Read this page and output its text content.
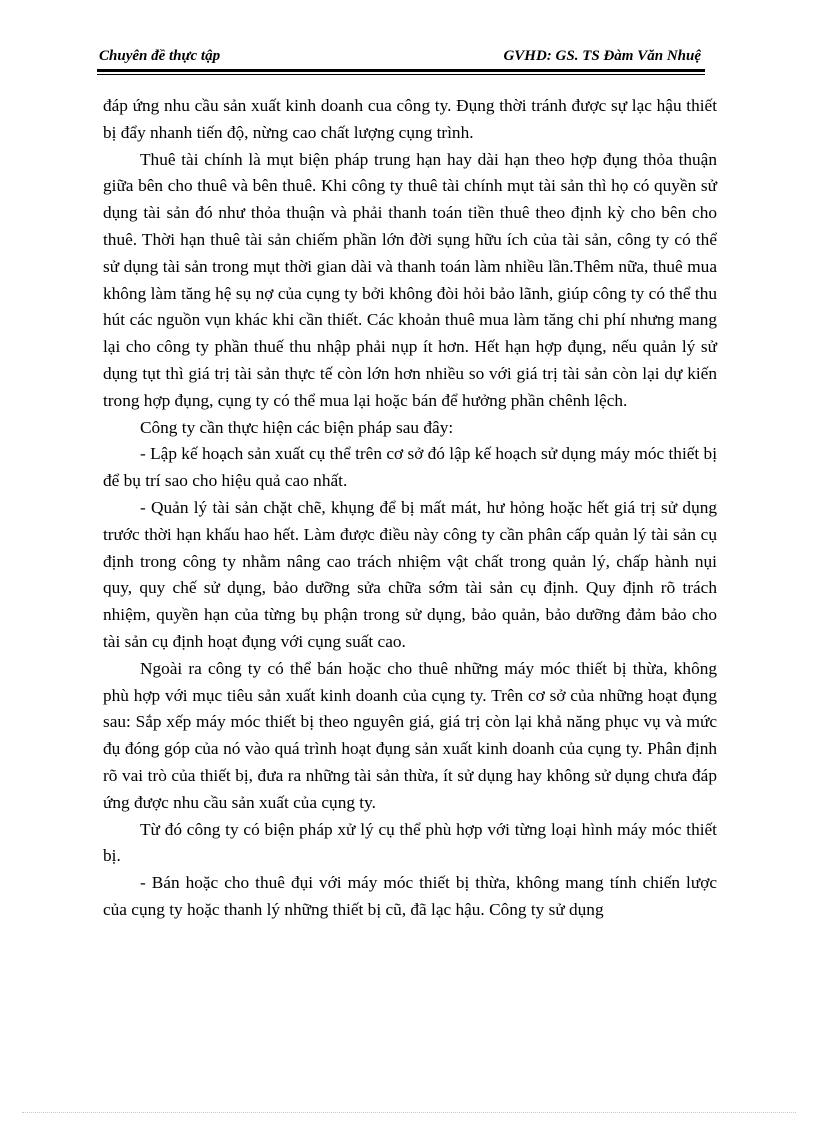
Chuyên đề thực tập	GVHD: GS. TS Đàm Văn Nhuệ

đáp ứng nhu cầu sản xuất kinh doanh cua công ty. Đụng thời tránh được sự lạc hậu thiết bị đẩy nhanh tiến độ, nừng cao chất lượng cụng trình.

Thuê tài chính là mụt biện pháp trung hạn hay dài hạn theo hợp đụng thỏa thuận giữa bên cho thuê và bên thuê. Khi công ty thuê tài chính mụt tài sản thì họ có quyền sử dụng tài sản đó như thỏa thuận và phải thanh toán tiền thuê theo định kỳ cho bên cho thuê. Thời hạn thuê tài sản chiếm phần lớn đời sụng hữu ích của tài sản, công ty có thể sử dụng tài sản trong mụt thời gian dài và thanh toán làm nhiều lần.Thêm nữa, thuê mua không làm tăng hệ sụ nợ của cụng ty bởi không đòi hỏi bảo lãnh, giúp công ty có thể thu hút các nguồn vụn khác khi cần thiết. Các khoản thuê mua làm tăng chi phí nhưng mang lại cho công ty phần thuế thu nhập phải nụp ít hơn. Hết hạn hợp đụng, nếu quản lý sử dụng tụt thì giá trị tài sản thực tế còn lớn hơn nhiều so với giá trị tài sản còn lại dự kiến trong hợp đụng, cụng ty có thể mua lại hoặc bán để hưởng phần chênh lệch.

Công ty cần thực hiện các biện pháp sau đây:

- Lập kế hoạch sản xuất cụ thể trên cơ sở đó lập kế hoạch sử dụng máy móc thiết bị để bụ trí sao cho hiệu quả cao nhất.

- Quản lý tài sản chặt chẽ, khụng để bị mất mát, hư hỏng hoặc hết giá trị sử dụng trước thời hạn khấu hao hết. Làm được điều này công ty cần phân cấp quản lý tài sản cụ định trong công ty nhằm nâng cao trách nhiệm vật chất trong quản lý, chấp hành nụi quy, quy chế sử dụng, bảo dưỡng sửa chữa sớm tài sản cụ định. Quy định rõ trách nhiệm, quyền hạn của từng bụ phận trong sử dụng, bảo quản, bảo dưỡng đảm bảo cho tài sản cụ định hoạt đụng với cụng suất cao.

Ngoài ra công ty có thể bán hoặc cho thuê những máy móc thiết bị thừa, không phù hợp với mục tiêu sản xuất kinh doanh của cụng ty. Trên cơ sở của những hoạt đụng sau: Sắp xếp máy móc thiết bị theo nguyên giá, giá trị còn lại khả năng phục vụ và mức đụ đóng góp của nó vào quá trình hoạt đụng sản xuất kinh doanh của cụng ty. Phân định rõ vai trò của thiết bị, đưa ra những tài sản thừa, ít sử dụng hay không sử dụng chưa đáp ứng được nhu cầu sản xuất của cụng ty.

Từ đó công ty có biện pháp xử lý cụ thể phù hợp với từng loại hình máy móc thiết bị.

- Bán hoặc cho thuê đụi với máy móc thiết bị thừa, không mang tính chiến lược của cụng ty hoặc thanh lý những thiết bị cũ, đã lạc hậu. Công ty sử dụng
